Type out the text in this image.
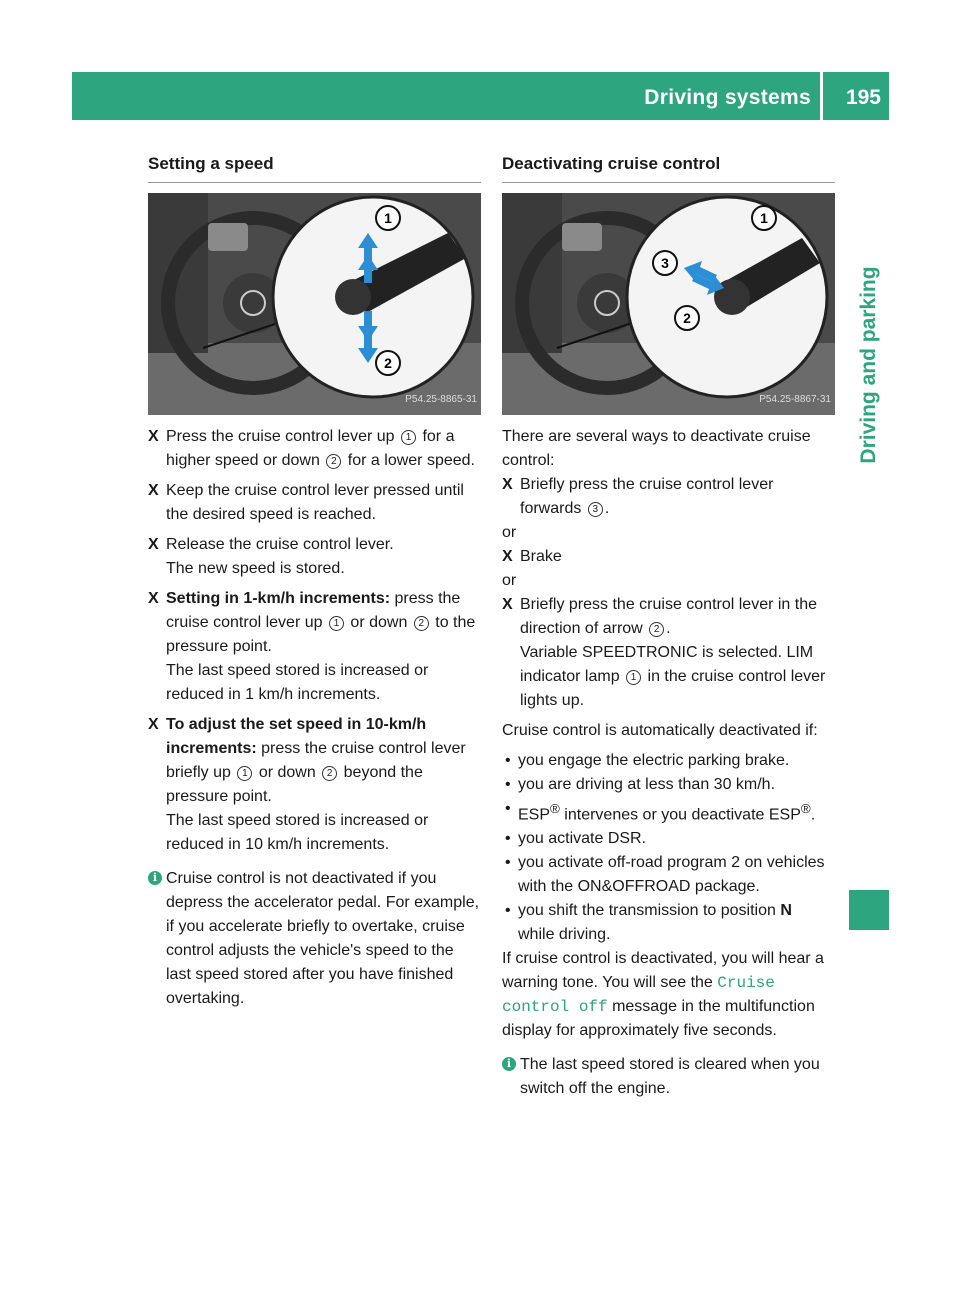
Driving systems 195
Driving and parking
Setting a speed
1
2
P54.25-8865-31

X Press the cruise control lever up 1 for a higher speed or down 2 for a lower speed.

X Keep the cruise control lever pressed until the desired speed is reached.

X Release the cruise control lever.
The new speed is stored.

X Setting in 1-km/h increments: press the cruise control lever up 1 or down 2 to the pressure point.
The last speed stored is increased or reduced in 1 km/h increments.

X To adjust the set speed in 10-km/h increments: press the cruise control lever briefly up 1 or down 2 beyond the pressure point.
The last speed stored is increased or reduced in 10 km/h increments.

i Cruise control is not deactivated if you depress the accelerator pedal. For example, if you accelerate briefly to overtake, cruise control adjusts the vehicle's speed to the last speed stored after you have finished overtaking.

Deactivating cruise control
1
2
3
P54.25-8867-31

There are several ways to deactivate cruise control:

X Briefly press the cruise control lever forwards 3 .

or

X Brake

or

X Briefly press the cruise control lever in the direction of arrow 2 .
Variable SPEEDTRONIC is selected. LIM indicator lamp 1 in the cruise control lever lights up.

Cruise control is automatically deactivated if:

• you engage the electric parking brake.

• you are driving at less than 30 km/h.

• ESP® intervenes or you deactivate ESP®.

• you activate DSR.

• you activate off-road program 2 on vehicles with the ON&OFFROAD package.

• you shift the transmission to position N
while driving.

If cruise control is deactivated, you will hear a warning tone. You will see the Cruise control off message in the multifunction display for approximately five seconds.

i The last speed stored is cleared when you switch off the engine.
